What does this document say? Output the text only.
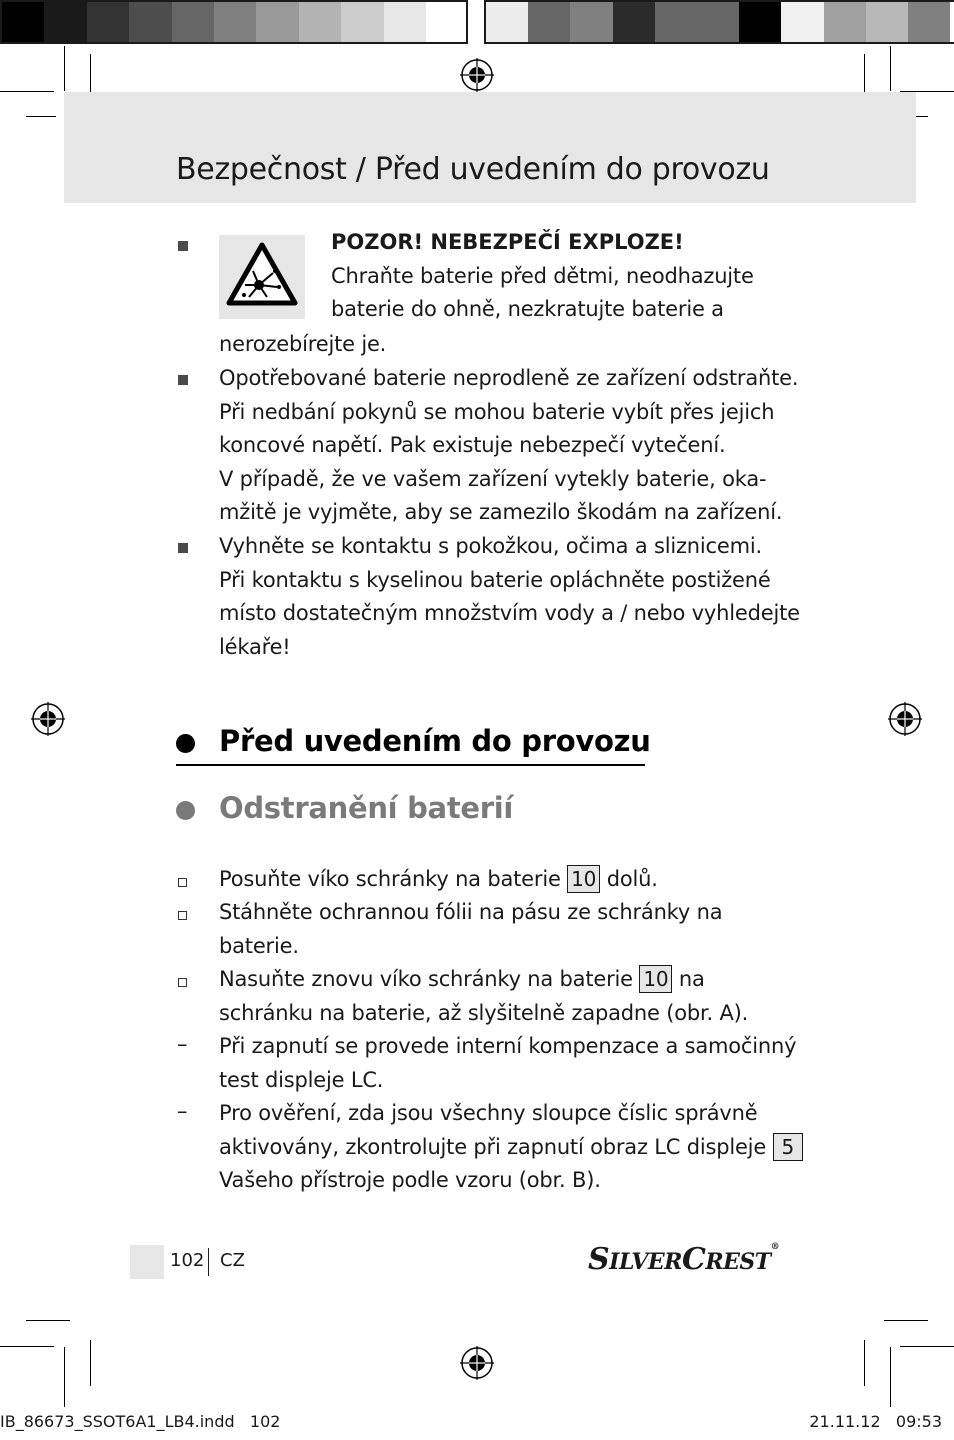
Bezpečnost / Před uvedením do provozu
POZOR! NEBEZPEČÍ EXPLOZE!
Chraňte baterie před dětmi, neodhazujte
baterie do ohně, nezkratujte baterie a
nerozebírejte je.
Opotřebované baterie neprodleně ze zařízení odstraňte.
Při nedbání pokynů se mohou baterie vybít přes jejich
koncové napětí. Pak existuje nebezpečí vytečení.
V případě, že ve vašem zařízení vytekly baterie, oka-
mžitě je vyjměte, aby se zamezilo škodám na zařízení.
Vyhněte se kontaktu s pokožkou, očima a sliznicemi.
Při kontaktu s kyselinou baterie opláchněte postižené
místo dostatečným množstvím vody a / nebo vyhledejte
lékaře!
Před uvedením do provozu
Odstranění baterií
Posuňte víko schránky na baterie 10 dolů.
Stáhněte ochrannou fólii na pásu ze schránky na
baterie.
Nasuňte znovu víko schránky na baterie 10 na
schránku na baterie, až slyšitelně zapadne (obr. A).
– Při zapnutí se provede interní kompenzace a samočinný
test displeje LC.
– Pro ověření, zda jsou všechny sloupce číslic správně
aktivovány, zkontrolujte při zapnutí obraz LC displeje 5
Vašeho přístroje podle vzoru (obr. B).
102 CZ	SILVERCREST®
IB_86673_SSOT6A1_LB4.indd   102	21.11.12   09:53
